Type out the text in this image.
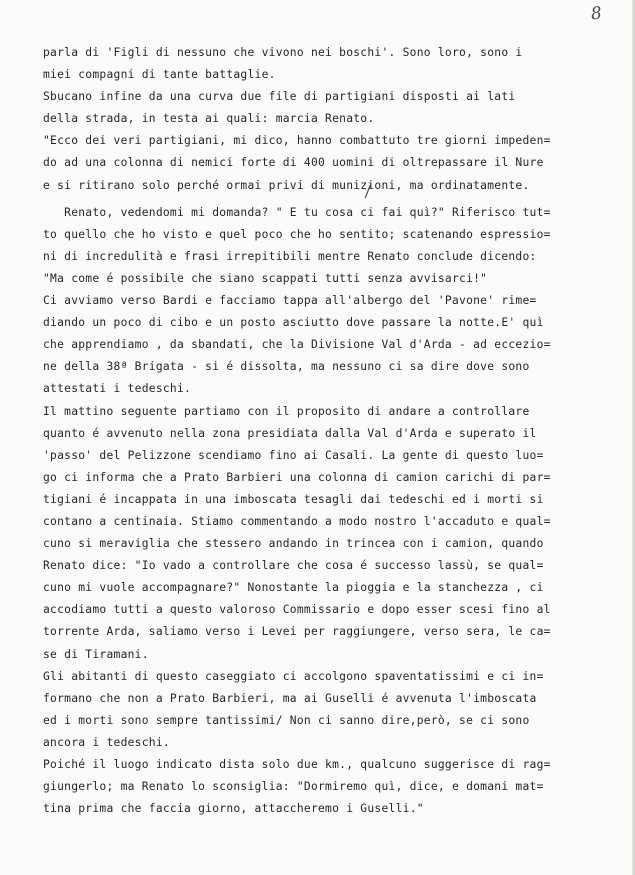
8
parla di 'Figli di nessuno che vivono nei boschi'. Sono loro, sono i
miei compagni di tante battaglie.
Sbucano infine da una curva due file di partigiani disposti ai lati
della strada, in testa ai quali: marcia Renato.
"Ecco dei veri partigiani, mi dico, hanno combattuto tre giorni impeden=
do ad una colonna di nemici forte di 400 uomini di oltrepassare il Nure
e si ritirano solo perché ormai privi di munizioni, ma ordinatamente.
Renato, vedendomi mi domanda? " E tu cosa ci fai quì?" Riferisco tut=
to quello che ho visto e quel poco che ho sentito; scatenando espressio=
ni di incredulità e frasi irrepitibili mentre Renato conclude dicendo:
"Ma come é possibile che siano scappati tutti senza avvisarci!"
Ci avviamo verso Bardi e facciamo tappa all'albergo del 'Pavone' rime=
diando un poco di cibo e un posto asciutto dove passare la notte.E' quì
che apprendiamo , da sbandati, che la Divisione Val d'Arda - ad eccezio=
ne della 38ª Brigata - si é dissolta, ma nessuno ci sa dire dove sono
attestati i tedeschi.
Il mattino seguente partiamo con il proposito di andare a controllare
quanto é avvenuto nella zona presidiata dalla Val d'Arda e superato il
'passo' del Pelizzone scendiamo fino ai Casali. La gente di questo luo=
go ci informa che a Prato Barbieri una colonna di camion carichi di par=
tigiani é incappata in una imboscata tesagli dai tedeschi ed i morti si
contano a centinaia. Stiamo commentando a modo nostro l'accaduto e qual=
cuno si meraviglia che stessero andando in trincea con i camion, quando
Renato dice: "Io vado a controllare che cosa é successo lassù, se qual=
cuno mi vuole accompagnare?" Nonostante la pioggia e la stanchezza , ci
accodiamo tutti a questo valoroso Commissario e dopo esser scesi fino al
torrente Arda, saliamo verso i Levei per raggiungere, verso sera, le ca=
se di Tiramani.
Gli abitanti di questo caseggiato ci accolgono spaventatissimi e ci in=
formano che non a Prato Barbieri, ma ai Guselli é avvenuta l'imboscata
ed i morti sono sempre tantissimi/ Non ci sanno dire,però, se ci sono
ancora i tedeschi.
Poiché il luogo indicato dista solo due km., qualcuno suggerisce di rag=
giungerlo; ma Renato lo sconsiglia: "Dormiremo quì, dice, e domani mat=
tina prima che faccia giorno, attaccheremo i Guselli."
